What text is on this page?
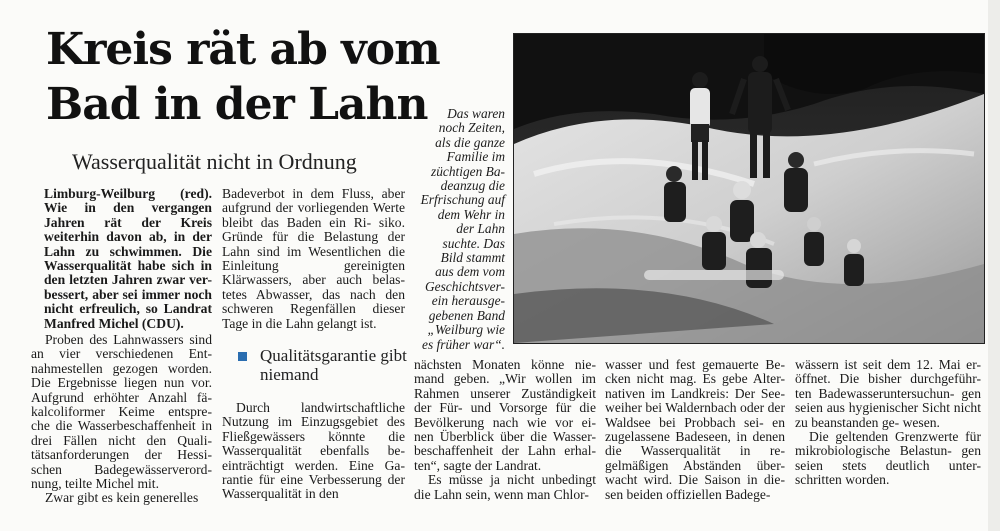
Kreis rät ab vom Bad in der Lahn
Wasserqualität nicht in Ordnung

Limburg-Weilburg (red). Wie in den vergangen Jahren rät der Kreis weiterhin davon ab, in der Lahn zu schwimmen. Die Wasserqualität habe sich in den letzten Jahren zwar ver- bessert, aber sei immer noch nicht erfreulich, so Landrat Manfred Michel (CDU).

Proben des Lahnwassers sind an vier verschiedenen Ent- nahmestellen gezogen worden. Die Ergebnisse liegen nun vor. Aufgrund erhöhter Anzahl fä- kalcoliformer Keime entspre- che die Wasserbeschaffenheit in drei Fällen nicht den Quali- tätsanforderungen der Hessi- schen Badegewässerverord- nung, teilte Michel mit.

Zwar gibt es kein generelles

Badeverbot in dem Fluss, aber aufgrund der vorliegenden Werte bleibt das Baden ein Ri- siko. Gründe für die Belastung der Lahn sind im Wesentlichen die Einleitung gereinigten Klärwassers, aber auch belas- tetes Abwasser, das nach den schweren Regenfällen dieser Tage in die Lahn gelangt ist.

Qualitätsgarantie gibt niemand

Durch landwirtschaftliche Nutzung im Einzugsgebiet des Fließgewässers könnte die Wasserqualität ebenfalls be- einträchtigt werden. Eine Ga- rantie für eine Verbesserung der Wasserqualität in den

Das waren noch Zeiten, als die ganze Familie im züchtigen Ba- deanzug die Erfrischung auf dem Wehr in der Lahn suchte. Das Bild stammt aus dem vom Geschichtsver- ein herausge- gebenen Band „Weilburg wie es früher war“.

nächsten Monaten könne nie- mand geben. „Wir wollen im Rahmen unserer Zuständigkeit der Für- und Vorsorge für die Bevölkerung nach wie vor ei- nen Überblick über die Wasser- beschaffenheit der Lahn erhal- ten“, sagte der Landrat.

Es müsse ja nicht unbedingt die Lahn sein, wenn man Chlor-

wasser und fest gemauerte Be- cken nicht mag. Es gebe Alter- nativen im Landkreis: Der See- weiher bei Waldernbach oder der Waldsee bei Probbach sei- en zugelassene Badeseen, in denen die Wasserqualität in re- gelmäßigen Abständen über- wacht wird. Die Saison in die- sen beiden offiziellen Badege-

wässern ist seit dem 12. Mai er- öffnet. Die bisher durchgeführ- ten Badewasseruntersuchun- gen seien aus hygienischer Sicht nicht zu beanstanden ge- wesen.

Die geltenden Grenzwerte für mikrobiologische Belastun- gen seien stets deutlich unter- schritten worden.
